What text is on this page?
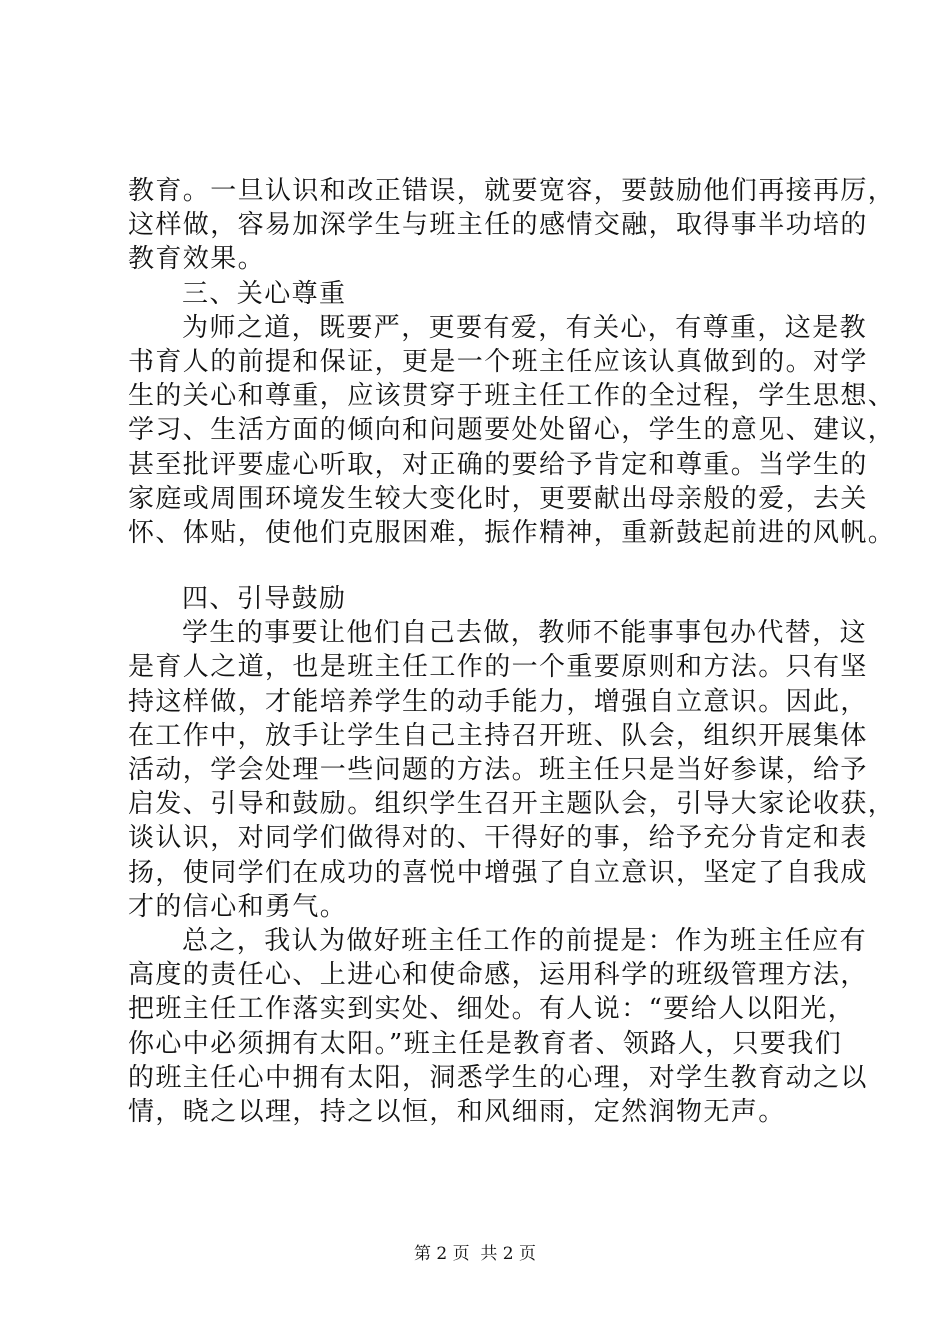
教育。一旦认识和改正错误，就要宽容，要鼓励他们再接再厉，
这样做，容易加深学生与班主任的感情交融，取得事半功培的
教育效果。
三、关心尊重
为师之道，既要严，更要有爱，有关心，有尊重，这是教
书育人的前提和保证，更是一个班主任应该认真做到的。对学
生的关心和尊重，应该贯穿于班主任工作的全过程，学生思想、
学习、生活方面的倾向和问题要处处留心，学生的意见、建议，
甚至批评要虚心听取，对正确的要给予肯定和尊重。当学生的
家庭或周围环境发生较大变化时，更要献出母亲般的爱，去关
怀、体贴，使他们克服困难，振作精神，重新鼓起前进的风帆。
四、引导鼓励
学生的事要让他们自己去做，教师不能事事包办代替，这
是育人之道，也是班主任工作的一个重要原则和方法。只有坚
持这样做，才能培养学生的动手能力，增强自立意识。因此，
在工作中，放手让学生自己主持召开班、队会，组织开展集体
活动，学会处理一些问题的方法。班主任只是当好参谋，给予
启发、引导和鼓励。组织学生召开主题队会，引导大家论收获，
谈认识，对同学们做得对的、干得好的事，给予充分肯定和表
扬，使同学们在成功的喜悦中增强了自立意识，坚定了自我成
才的信心和勇气。
总之，我认为做好班主任工作的前提是：作为班主任应有
高度的责任心、上进心和使命感，运用科学的班级管理方法，
把班主任工作落实到实处、细处。有人说：“要给人以阳光，
你心中必须拥有太阳。”班主任是教育者、领路人，只要我们
的班主任心中拥有太阳，洞悉学生的心理，对学生教育动之以
情，晓之以理，持之以恒，和风细雨，定然润物无声。
第 2 页  共 2 页
